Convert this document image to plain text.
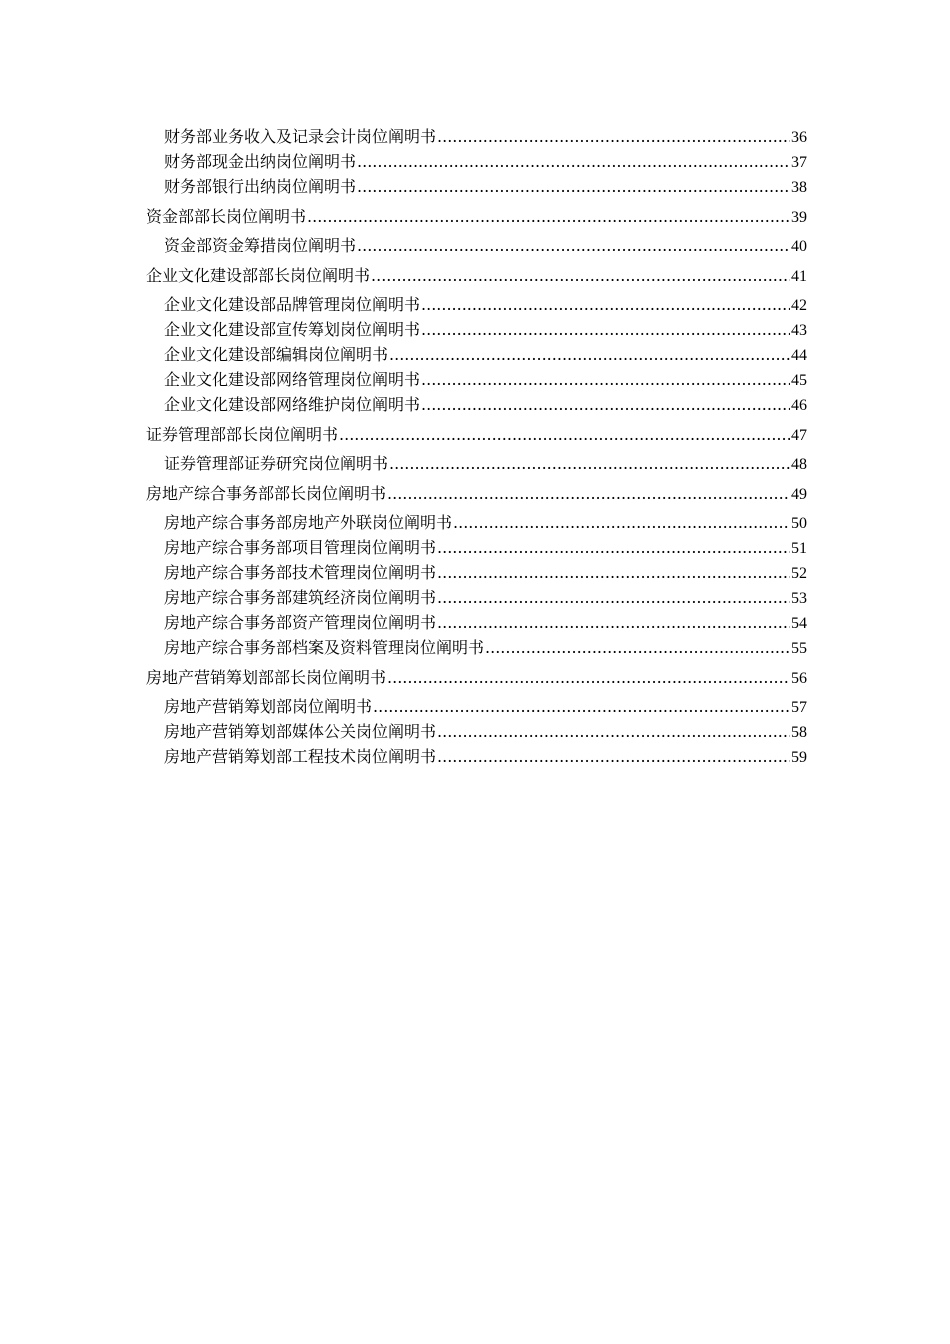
财务部业务收入及记录会计岗位阐明书 .....	36
财务部现金出纳岗位阐明书 .....	37
财务部银行出纳岗位阐明书 .....	38
资金部部长岗位阐明书 .....	39
资金部资金筹措岗位阐明书 .....	40
企业文化建设部部长岗位阐明书 .....	41
企业文化建设部品牌管理岗位阐明书 .....	42
企业文化建设部宣传筹划岗位阐明书 .....	43
企业文化建设部编辑岗位阐明书 .....	44
企业文化建设部网络管理岗位阐明书 .....	45
企业文化建设部网络维护岗位阐明书 .....	46
证券管理部部长岗位阐明书 .....	47
证券管理部证券研究岗位阐明书 .....	48
房地产综合事务部部长岗位阐明书 .....	49
房地产综合事务部房地产外联岗位阐明书 .....	50
房地产综合事务部项目管理岗位阐明书 .....	51
房地产综合事务部技术管理岗位阐明书 .....	52
房地产综合事务部建筑经济岗位阐明书 .....	53
房地产综合事务部资产管理岗位阐明书 .....	54
房地产综合事务部档案及资料管理岗位阐明书 .....	55
房地产营销筹划部部长岗位阐明书 .....	56
房地产营销筹划部岗位阐明书 .....	57
房地产营销筹划部媒体公关岗位阐明书 .....	58
房地产营销筹划部工程技术岗位阐明书 .....	59
